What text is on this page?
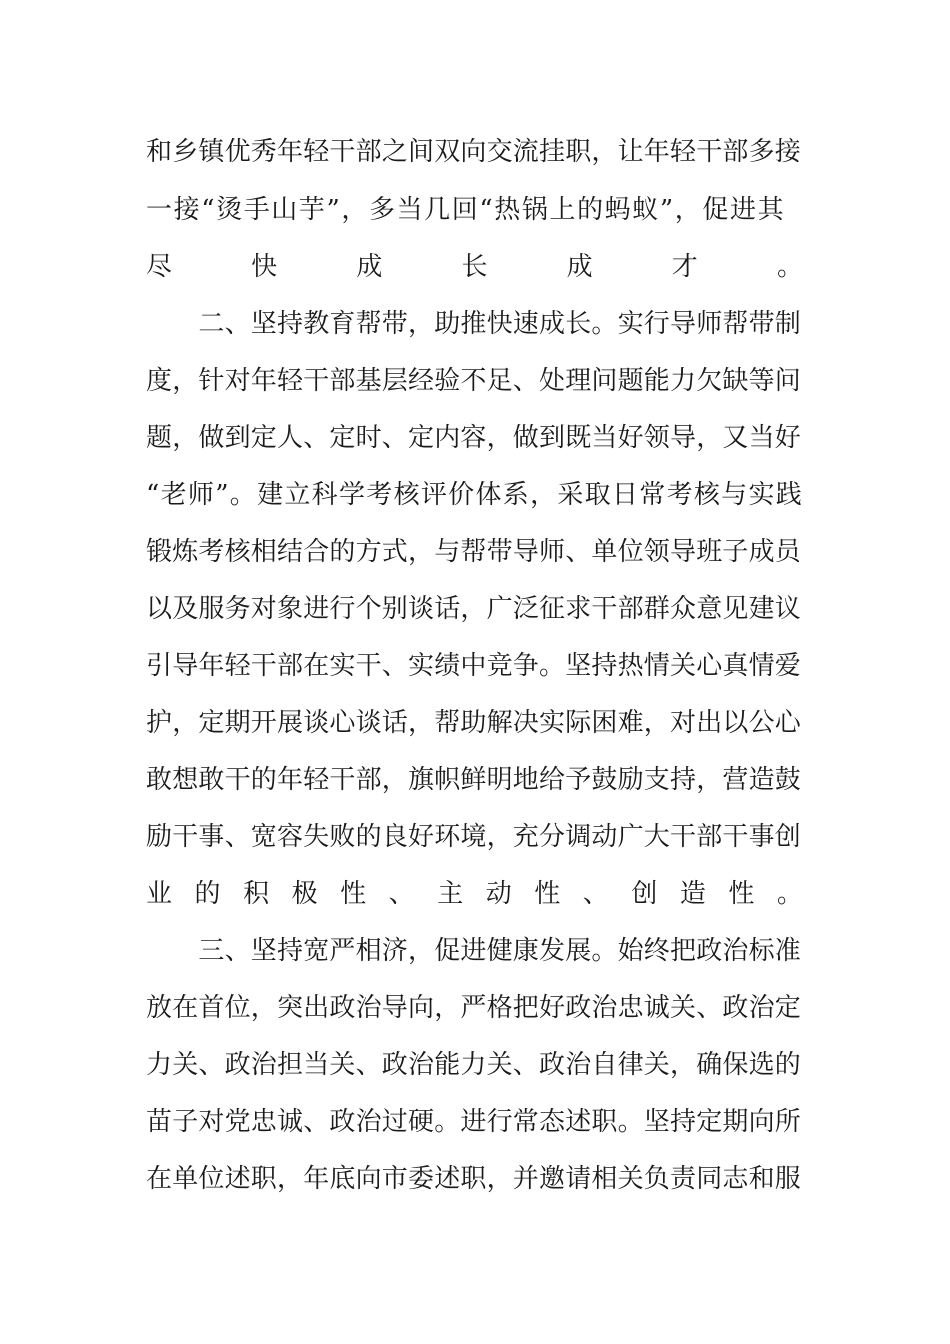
和乡镇优秀年轻干部之间双向交流挂职，让年轻干部多接
一接“烫手山芋”，多当几回“热锅上的蚂蚁”，促进其
尽	快	成	长	成	才	。
　　二、坚持教育帮带，助推快速成长。实行导师帮带制
度，针对年轻干部基层经验不足、处理问题能力欠缺等问
题，做到定人、定时、定内容，做到既当好领导，又当好
“老师”。建立科学考核评价体系，采取日常考核与实践
锻炼考核相结合的方式，与帮带导师、单位领导班子成员
以及服务对象进行个别谈话，广泛征求干部群众意见建议
引导年轻干部在实干、实绩中竞争。坚持热情关心真情爱
护，定期开展谈心谈话，帮助解决实际困难，对出以公心
敢想敢干的年轻干部，旗帜鲜明地给予鼓励支持，营造鼓
励干事、宽容失败的良好环境，充分调动广大干部干事创
业 的 积 极 性 、 主 动 性 、 创 造 性 。
　　三、坚持宽严相济，促进健康发展。始终把政治标准
放在首位，突出政治导向，严格把好政治忠诚关、政治定
力关、政治担当关、政治能力关、政治自律关，确保选的
苗子对党忠诚、政治过硬。进行常态述职。坚持定期向所
在单位述职，年底向市委述职，并邀请相关负责同志和服
